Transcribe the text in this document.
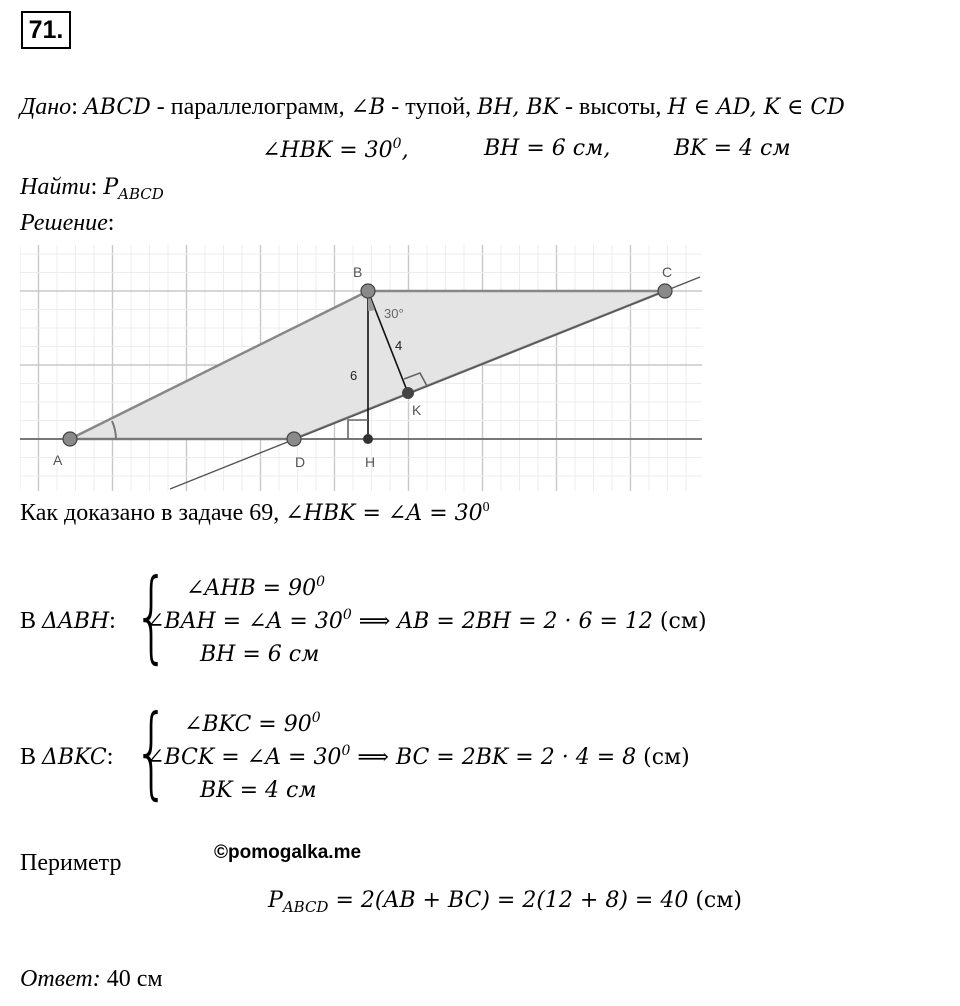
71.
Дано: ABCD - параллелограмм, ∠B - тупой, BH, BK - высоты, H ∈ AD, K ∈ CD
∠HBK = $30^0$,	BH = 6 см,	BK = 4 см
Найти: $P_{ABCD}$
Решение:
A
B	C
D	H
K
30°
6
4
Как доказано в задаче 69, ∠HBK = ∠A = $30^0$
В ΔABH: { ∠AHB = $90^0$
∠BAH = ∠A = $30^0$ ⟹ AB = 2BH = 2 · 6 = 12 (см)
BH = 6 см
В ΔBKC: { ∠BKC = $90^0$
∠BCK = ∠A = $30^0$ ⟹ BC = 2BK = 2 · 4 = 8 (см)
BK = 4 см
Периметр	©pomogalka.me
$P_{ABCD} = 2(AB + BC) = 2(12 + 8) = 40$ (см)
Ответ: 40 см
